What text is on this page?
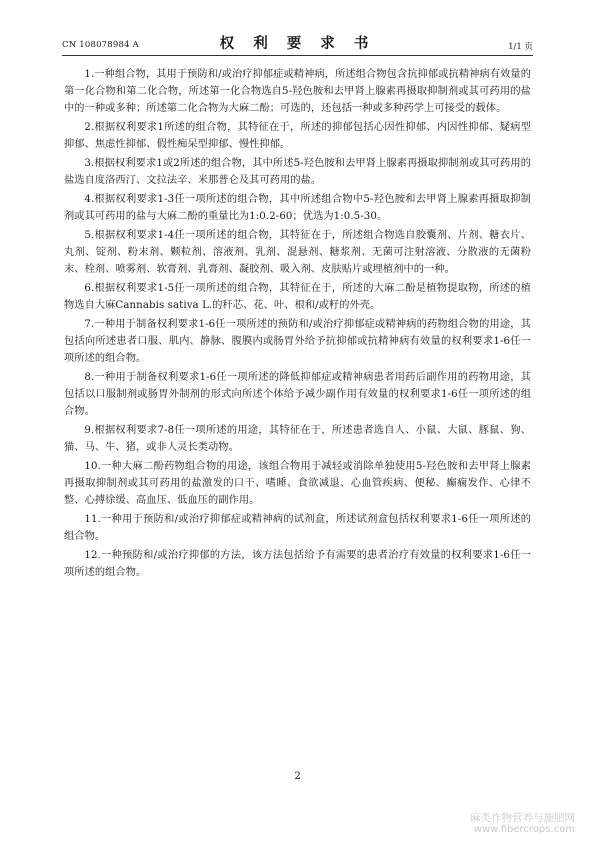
CN 108078984 A	权 利 要 求 书	1/1 页

1.一种组合物，其用于预防和/或治疗抑郁症或精神病，所述组合物包含抗抑郁或抗精神病有效量的第一化合物和第二化合物，所述第一化合物选自5-羟色胺和去甲肾上腺素再摄取抑制剂或其可药用的盐中的一种或多种；所述第二化合物为大麻二酚；可选的，还包括一种或多种药学上可接受的载体。

2.根据权利要求1所述的组合物，其特征在于，所述的抑郁包括心因性抑郁、内因性抑郁、疑病型抑郁、焦虑性抑郁、假性痴呆型抑郁、慢性抑郁。

3.根据权利要求1或2所述的组合物，其中所述5-羟色胺和去甲肾上腺素再摄取抑制剂或其可药用的盐选自度洛西汀、文拉法辛、米那普仑及其可药用的盐。

4.根据权利要求1-3任一项所述的组合物，其中所述组合物中5-羟色胺和去甲肾上腺素再摄取抑制剂或其可药用的盐与大麻二酚的重量比为1:0.2-60；优选为1:0.5-30。

5.根据权利要求1-4任一项所述的组合物，其特征在于，所述组合物选自胶囊剂、片剂、糖衣片、丸剂、锭剂、粉末剂、颗粒剂、溶液剂、乳剂、混悬剂、糖浆剂、无菌可注射溶液、分散液的无菌粉末、栓剂、喷雾剂、软膏剂、乳膏剂、凝胶剂、吸入剂、皮肤贴片或埋植剂中的一种。

6.根据权利要求1-5任一项所述的组合物，其特征在于，所述的大麻二酚是植物提取物，所述的植物选自大麻Cannabis sativa L.的秆芯、花、叶、根和/或籽的外壳。

7.一种用于制备权利要求1-6任一项所述的预防和/或治疗抑郁症或精神病的药物组合物的用途，其包括向所述患者口服、肌内、静脉、腹膜内或肠胃外给予抗抑郁或抗精神病有效量的权利要求1-6任一项所述的组合物。

8.一种用于制备权利要求1-6任一项所述的降低抑郁症或精神病患者用药后副作用的药物用途，其包括以口服制剂或肠胃外制剂的形式向所述个体给予减少副作用有效量的权利要求1-6任一项所述的组合物。

9.根据权利要求7-8任一项所述的用途，其特征在于，所述患者选自人、小鼠、大鼠、豚鼠、狗、猫、马、牛、猪，或非人灵长类动物。

10.一种大麻二酚药物组合物的用途，该组合物用于减轻或消除单独使用5-羟色胺和去甲肾上腺素再摄取抑制剂或其可药用的盐激发的口干、嗜睡、食欲减退、心血管疾病、便秘、癫痫发作、心律不整、心搏徐缓、高血压、低血压的副作用。

11.一种用于预防和/或治疗抑郁症或精神病的试剂盒，所述试剂盒包括权利要求1-6任一项所述的组合物。

12.一种预防和/或治疗抑郁的方法，该方法包括给予有需要的患者治疗有效量的权利要求1-6任一项所述的组合物。

2
麻类作物营养与施肥网
www.fibercrops.com
